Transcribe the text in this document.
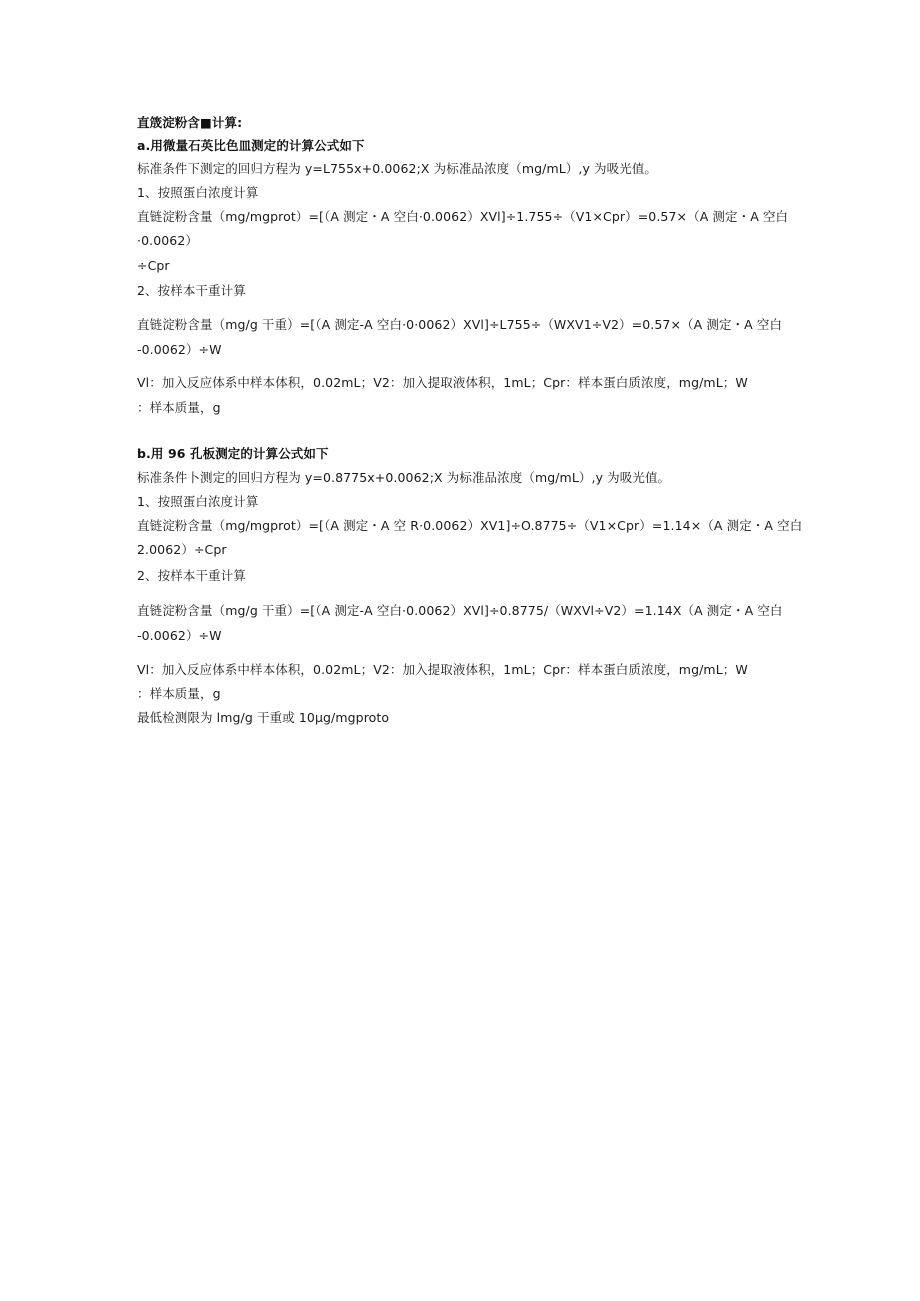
直筬淀粉含■计算:
a.用微量石英比色皿测定的计算公式如下
标准条件下测定的回归方程为 y=L755x+0.0062;X 为标准品浓度（mg∕mL）,y 为吸光值。
1、按照蛋白浓度计算
直链淀粉含量（mg∕mgprot）=[（A 测定・A 空白·0.0062）XVl]÷1.755÷（V1×Cpr）=0.57×（A 测定・A 空白
·0.0062）
÷Cpr
2、按样本干重计算
直链淀粉含量（mg∕g 干重）=[（A 测定-A 空白·0·0062）XVl]÷L755÷（WXV1÷V2）=0.57×（A 测定・A 空白
-0.0062）÷W
Vl：加入反应体系中样本体积，0.02mL；V2：加入提取液体积，1mL；Cpr：样本蛋白质浓度，mg/mL；W
：样本质量，g
b.用 96 孔板测定的计算公式如下
标准条件卜测定的回归方程为 y=0.8775x+0.0062;X 为标准品浓度（mg/mL）,y 为吸光值。
1、按照蛋白浓度计算
直链淀粉含量（mg∕mgprot）=[（A 测定・A 空 R·0.0062）XV1]÷O.8775÷（V1×Cpr）=1.14×（A 测定・A 空白
2.0062）÷Cpr
2、按样本干重计算
直链淀粉含量（mg∕g 干重）=[（A 测定-A 空白·0.0062）XVl]÷0.8775/（WXVl÷V2）=1.14X（A 测定・A 空白
-0.0062）÷W
Vl：加入反应体系中样本体积，0.02mL；V2：加入提取液体积，1mL；Cpr：样本蛋白质浓度，mg/mL；W
：样本质量，g
最低检测限为 lmg/g 干重或 10μg∕mgproto
